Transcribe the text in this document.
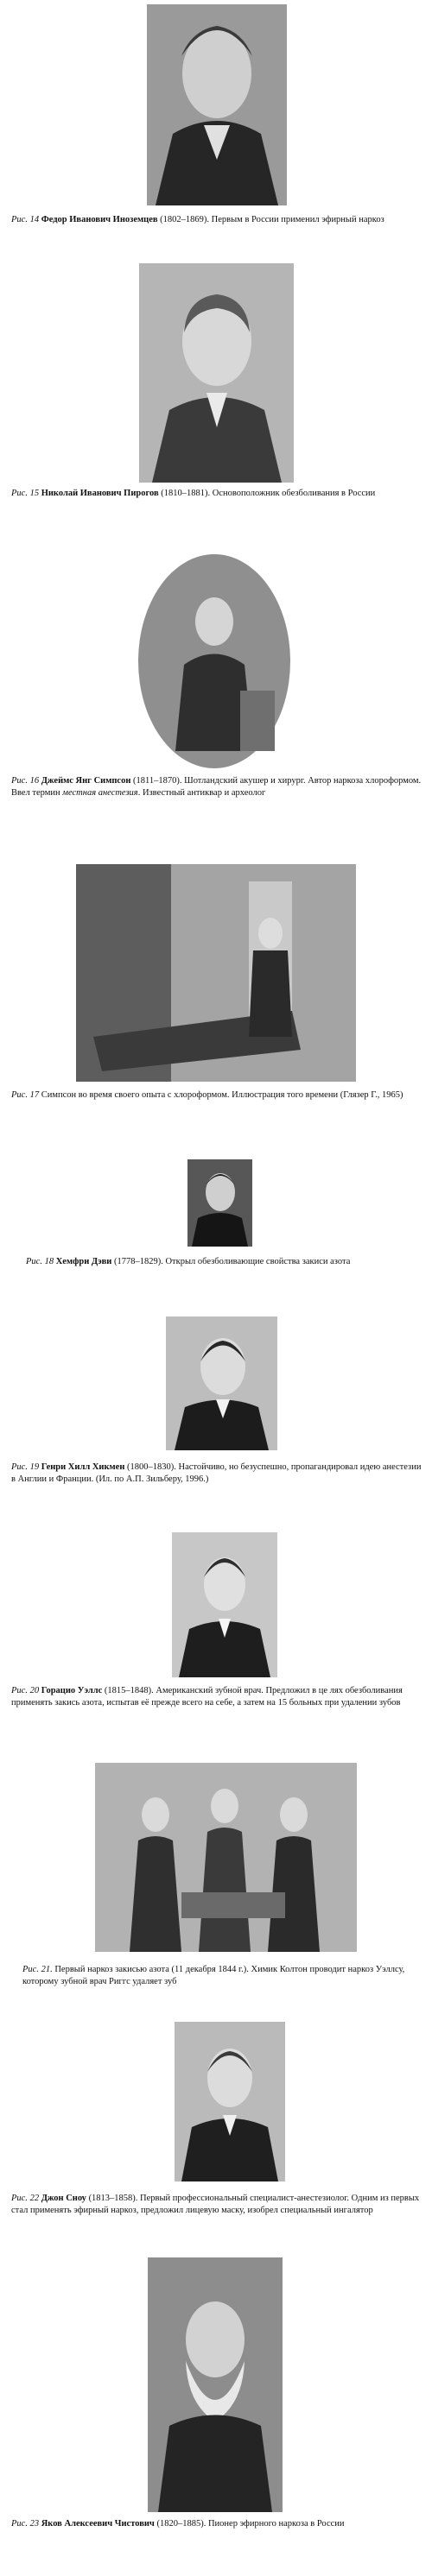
Рис. 14 Федор Иванович Иноземцев (1802–1869). Первым в России применил эфирный наркоз
Рис. 15 Николай Иванович Пирогов (1810–1881). Основоположник обезболивания в России
Рис. 16 Джеймс Янг Симпсон (1811–1870). Шотландский акушер и хирург. Автор наркоза хлороформом. Ввел термин местная анестезия. Известный антиквар и археолог
Рис. 17 Симпсон во время своего опыта с хлороформом. Иллюстрация того времени (Глязер Г., 1965)
Рис. 18 Хемфри Дэви (1778–1829). Открыл обезболивающие свойства закиси азота
Рис. 19 Генри Хилл Хикмен (1800–1830). Настойчиво, но безуспешно, пропагандировал идею анестезии в Англии и Франции. (Ил. по А.П. Зильберу, 1996.)
Рис. 20 Горацио Уэллс (1815–1848). Американский зубной врач. Предложил в це лях обезболивания применять закись азота, испытав её прежде всего на себе, а затем на 15 больных при удалении зубов
Рис. 21. Первый наркоз закисью азота (11 декабря 1844 г.). Химик Колтон проводит наркоз Уэллсу, которому зубной врач Риггс удаляет зуб
Рис. 22 Джон Сноу (1813–1858). Первый профессиональный специалист-анестезиолог. Одним из первых стал применять эфирный наркоз, предложил лицевую маску, изобрел специальный ингалятор
Рис. 23 Яков Алексеевич Чистович (1820–1885). Пионер эфирного наркоза в России
